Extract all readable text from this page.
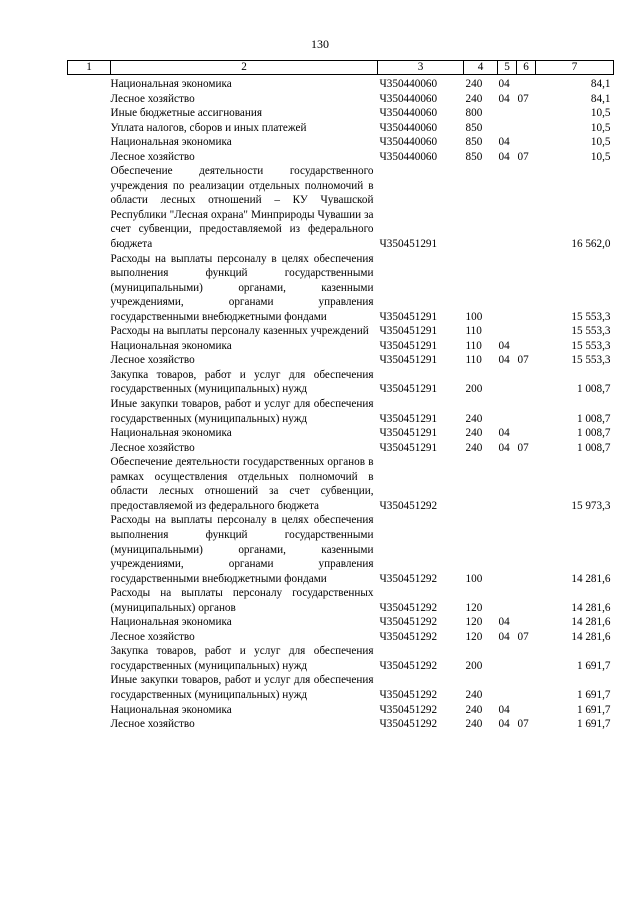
130
1	2	3	4	5	6	7
	Национальная экономика	Ч350440060	240	04		84,1
	Лесное хозяйство	Ч350440060	240	04	07	84,1
	Иные бюджетные ассигнования	Ч350440060	800			10,5
	Уплата налогов, сборов и иных платежей	Ч350440060	850			10,5
	Национальная экономика	Ч350440060	850	04		10,5
	Лесное хозяйство	Ч350440060	850	04	07	10,5
	Обеспечение деятельности государственного учреждения по реализации отдельных полномочий в области лесных отношений – КУ Чувашской Республики "Лесная охрана" Минприроды Чувашии за счет субвенции, предоставляемой из федерального бюджета	Ч350451291				16 562,0
	Расходы на выплаты персоналу в целях обеспечения выполнения функций государственными (муниципальными) органами, казенными учреждениями, органами управления государственными внебюджетными фондами	Ч350451291	100			15 553,3
	Расходы на выплаты персоналу казенных учреждений	Ч350451291	110			15 553,3
	Национальная экономика	Ч350451291	110	04		15 553,3
	Лесное хозяйство	Ч350451291	110	04	07	15 553,3
	Закупка товаров, работ и услуг для обеспечения государственных (муниципальных) нужд	Ч350451291	200			1 008,7
	Иные закупки товаров, работ и услуг для обеспечения государственных (муниципальных) нужд	Ч350451291	240			1 008,7
	Национальная экономика	Ч350451291	240	04		1 008,7
	Лесное хозяйство	Ч350451291	240	04	07	1 008,7
	Обеспечение деятельности государственных органов в рамках осуществления отдельных полномочий в области лесных отношений за счет субвенции, предоставляемой из федерального бюджета	Ч350451292				15 973,3
	Расходы на выплаты персоналу в целях обеспечения выполнения функций государственными (муниципальными) органами, казенными учреждениями, органами управления государственными внебюджетными фондами	Ч350451292	100			14 281,6
	Расходы на выплаты персоналу государственных (муниципальных) органов	Ч350451292	120			14 281,6
	Национальная экономика	Ч350451292	120	04		14 281,6
	Лесное хозяйство	Ч350451292	120	04	07	14 281,6
	Закупка товаров, работ и услуг для обеспечения государственных (муниципальных) нужд	Ч350451292	200			1 691,7
	Иные закупки товаров, работ и услуг для обеспечения государственных (муниципальных) нужд	Ч350451292	240			1 691,7
	Национальная экономика	Ч350451292	240	04		1 691,7
	Лесное хозяйство	Ч350451292	240	04	07	1 691,7
